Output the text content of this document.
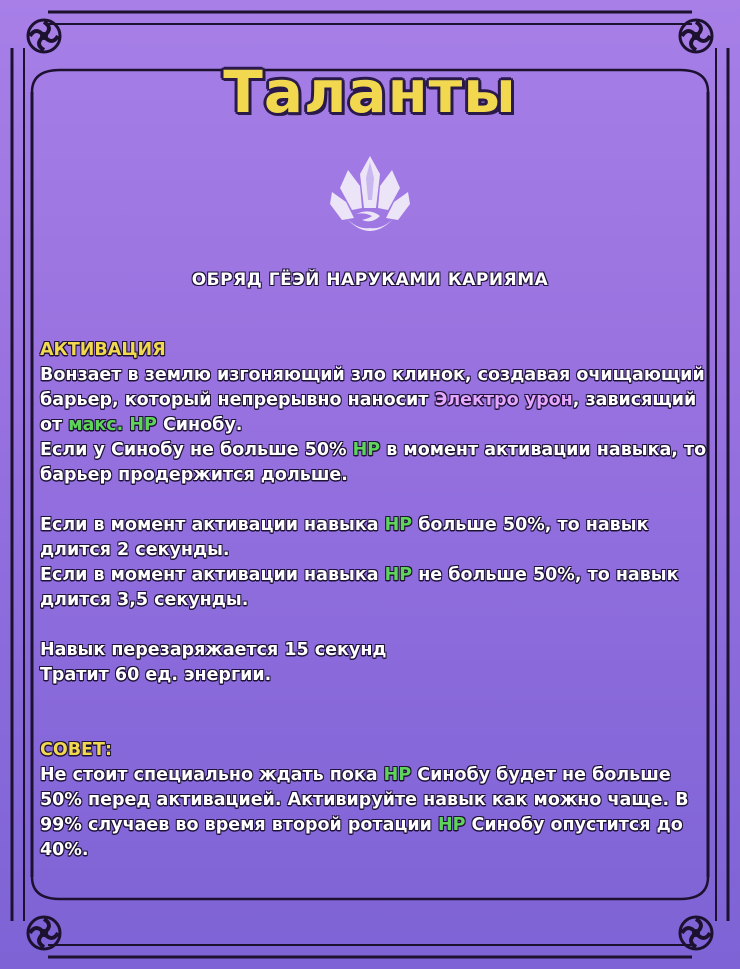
Таланты
ОБРЯД ГЁЭЙ НАРУКАМИ КАРИЯМА

АКТИВАЦИЯ

Вонзает в землю изгоняющий зло клинок, создавая очищающий барьер, который непрерывно наносит Электро урон, зависящий от макс. HP Синобу.

Если у Синобу не больше 50% HP в момент активации навыка, то барьер продержится дольше.

Если в момент активации навыка HP больше 50%, то навык длится 2 секунды.

Если в момент активации навыка HP не больше 50%, то навык длится 3,5 секунды.

Навык перезаряжается 15 секунд

Тратит 60 ед. энергии.

СОВЕТ:

Не стоит специально ждать пока HP Синобу будет не больше 50% перед активацией. Активируйте навык как можно чаще. В 99% случаев во время второй ротации HP Синобу опустится до 40%.
